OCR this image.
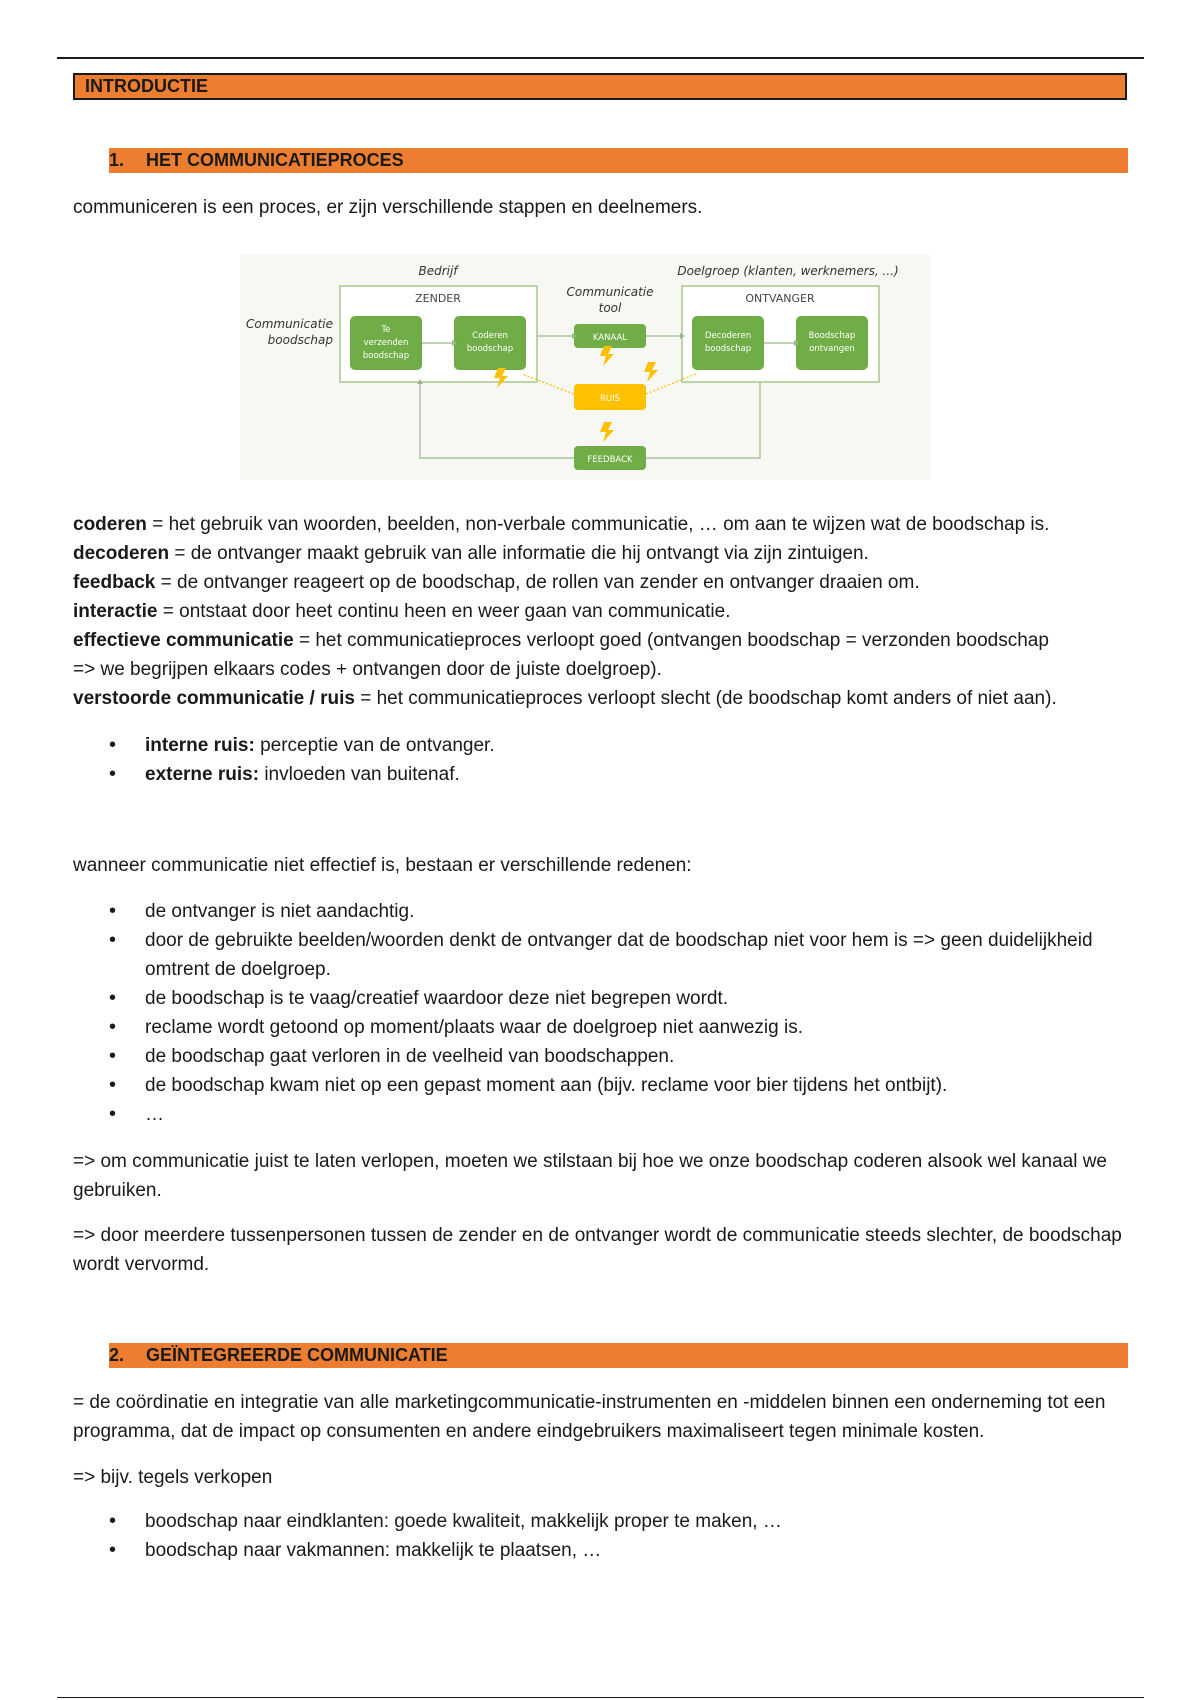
INTRODUCTIE
1. HET COMMUNICATIEPROCES

communiceren is een proces, er zijn verschillende stappen en deelnemers.

Bedrijf	Doelgroep (klanten, werknemers, ...)
ZENDER	ONTVANGER
Communicatie
tool
Communicatie
boodschap
Te
verzenden
boodschap
Coderen
boodschap
KANAAL	Decoderen
boodschap
Boodschap
ontvangen
RUIS
FEEDBACK

coderen = het gebruik van woorden, beelden, non-verbale communicatie, … om aan te wijzen wat de boodschap is.

decoderen = de ontvanger maakt gebruik van alle informatie die hij ontvangt via zijn zintuigen.

feedback = de ontvanger reageert op de boodschap, de rollen van zender en ontvanger draaien om.

interactie = ontstaat door heet continu heen en weer gaan van communicatie.

effectieve communicatie = het communicatieproces verloopt goed (ontvangen boodschap = verzonden boodschap

=> we begrijpen elkaars codes + ontvangen door de juiste doelgroep).

verstoorde communicatie / ruis = het communicatieproces verloopt slecht (de boodschap komt anders of niet aan).

• interne ruis: perceptie van de ontvanger.
• externe ruis: invloeden van buitenaf.

wanneer communicatie niet effectief is, bestaan er verschillende redenen:

• de ontvanger is niet aandachtig.
• door de gebruikte beelden/woorden denkt de ontvanger dat de boodschap niet voor hem is => geen duidelijkheid omtrent de doelgroep.
• de boodschap is te vaag/creatief waardoor deze niet begrepen wordt.
• reclame wordt getoond op moment/plaats waar de doelgroep niet aanwezig is.
• de boodschap gaat verloren in de veelheid van boodschappen.
• de boodschap kwam niet op een gepast moment aan (bijv. reclame voor bier tijdens het ontbijt).
• …

=> om communicatie juist te laten verlopen, moeten we stilstaan bij hoe we onze boodschap coderen alsook wel kanaal we gebruiken.

=> door meerdere tussenpersonen tussen de zender en de ontvanger wordt de communicatie steeds slechter, de boodschap wordt vervormd.

2. GEÏNTEGREERDE COMMUNICATIE

= de coördinatie en integratie van alle marketingcommunicatie-instrumenten en -middelen binnen een onderneming tot een programma, dat de impact op consumenten en andere eindgebruikers maximaliseert tegen minimale kosten.

=> bijv. tegels verkopen

• boodschap naar eindklanten: goede kwaliteit, makkelijk proper te maken, …
• boodschap naar vakmannen: makkelijk te plaatsen, …
